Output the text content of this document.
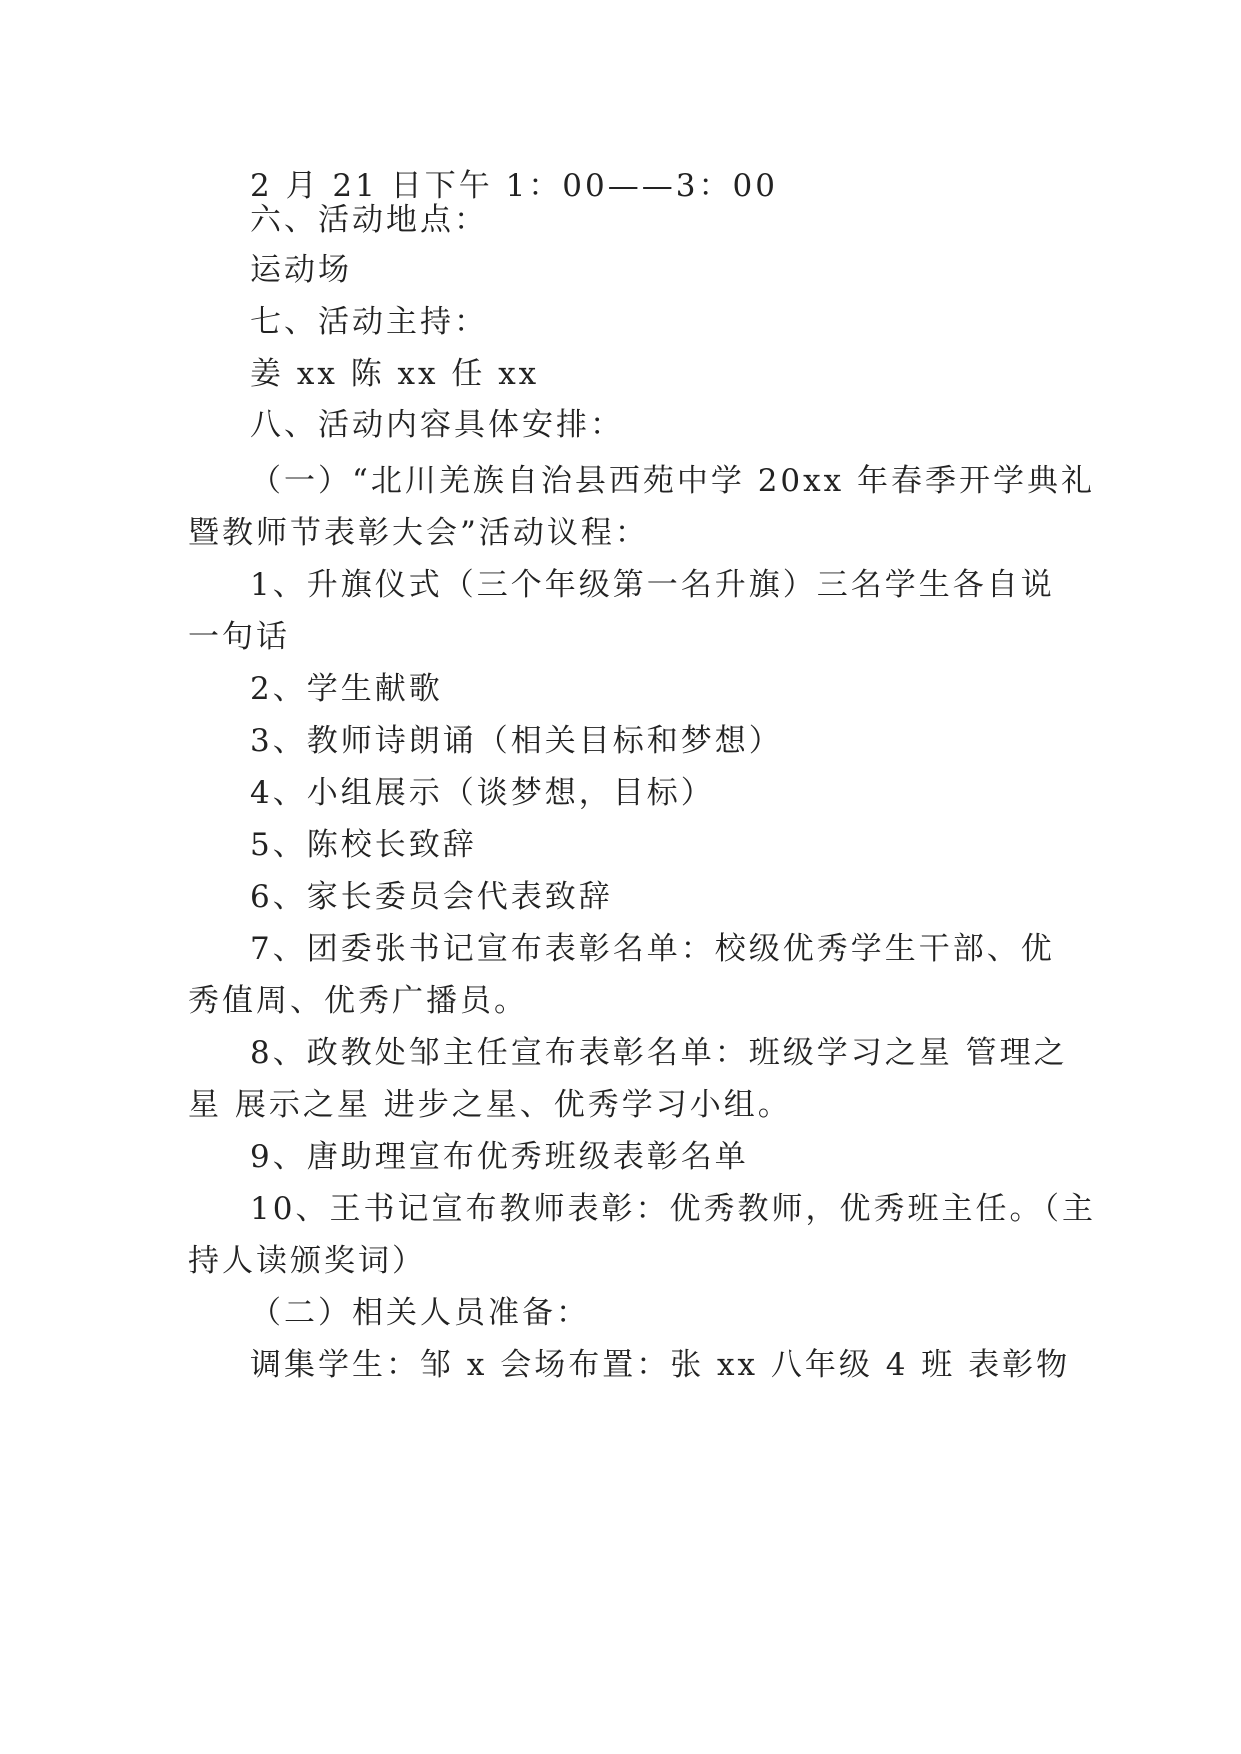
2 月 21 日下午 1：00——3：00
六、活动地点：
运动场
七、活动主持：
姜 xx 陈 xx 任 xx
八、活动内容具体安排：
（一）“北川羌族自治县西苑中学 20xx 年春季开学典礼
暨教师节表彰大会”活动议程：
1、升旗仪式（三个年级第一名升旗）三名学生各自说
一句话
2、学生献歌
3、教师诗朗诵（相关目标和梦想）
4、小组展示（谈梦想，目标）
5、陈校长致辞
6、家长委员会代表致辞
7、团委张书记宣布表彰名单：校级优秀学生干部、优
秀值周、优秀广播员。
8、政教处邹主任宣布表彰名单：班级学习之星 管理之
星 展示之星 进步之星、优秀学习小组。
9、唐助理宣布优秀班级表彰名单
10、王书记宣布教师表彰：优秀教师，优秀班主任。（主
持人读颁奖词）
（二）相关人员准备：
调集学生：邹 x 会场布置：张 xx 八年级 4 班 表彰物
